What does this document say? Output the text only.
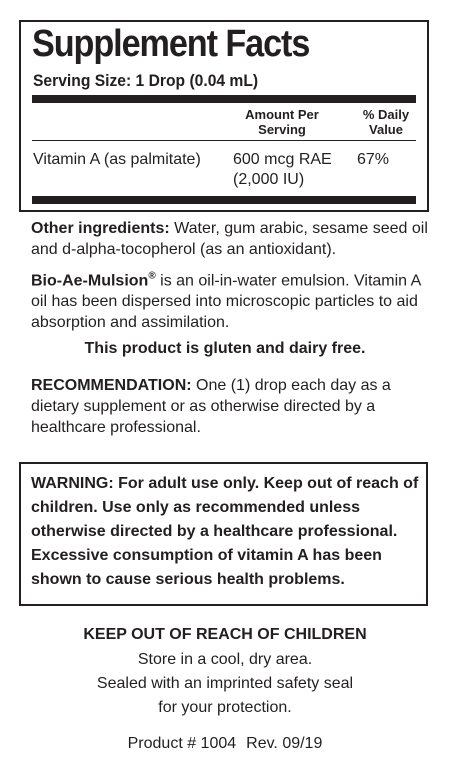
Supplement Facts
Serving Size: 1 Drop (0.04 mL)
Amount Per
Serving
% Daily
Value
Vitamin A (as palmitate) 600 mcg RAE
(2,000 IU)
67%
Other ingredients: Water, gum arabic, sesame seed oil and d-alpha-tocopherol (as an antioxidant).
Bio-Ae-Mulsion® is an oil-in-water emulsion. Vitamin A oil has been dispersed into microscopic particles to aid absorption and assimilation.
This product is gluten and dairy free.
RECOMMENDATION: One (1) drop each day as a dietary supplement or as otherwise directed by a healthcare professional.
WARNING: For adult use only. Keep out of reach of children. Use only as recommended unless otherwise directed by a healthcare professional. Excessive consumption of vitamin A has been shown to cause serious health problems.
KEEP OUT OF REACH OF CHILDREN
Store in a cool, dry area.
Sealed with an imprinted safety seal
for your protection.
Product # 1004 Rev. 09/19
